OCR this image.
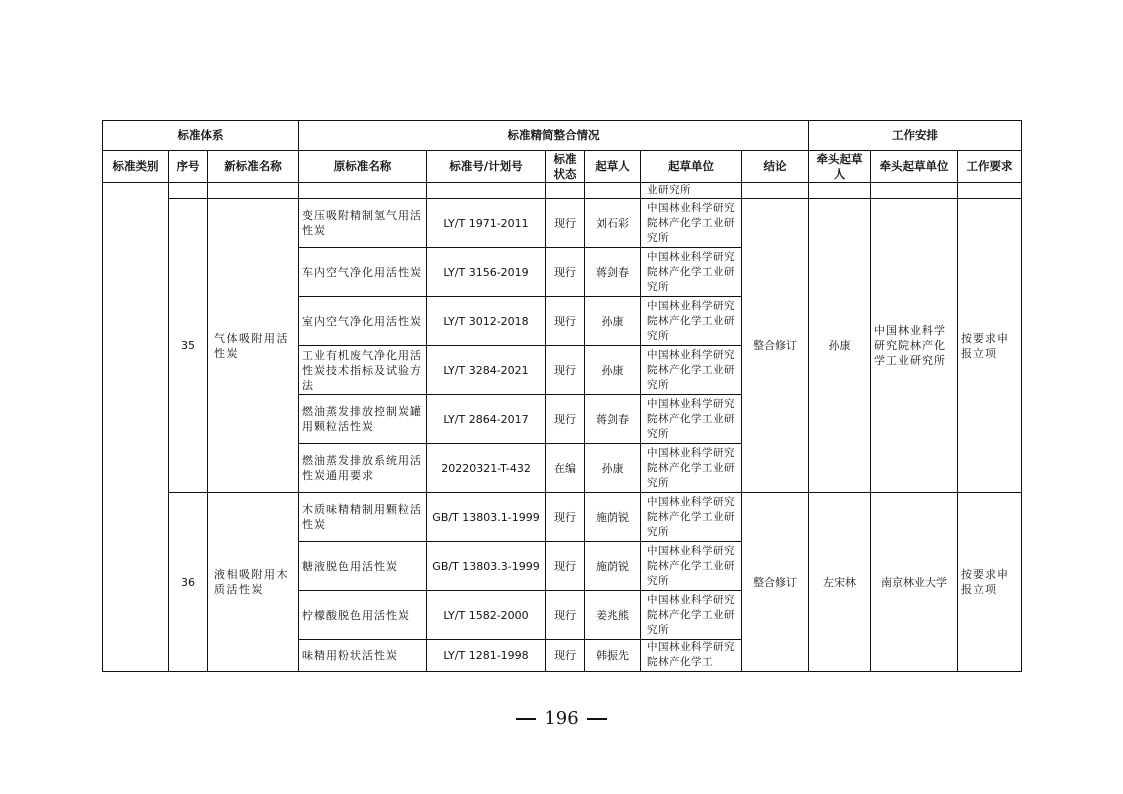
标准体系			标准精简整合情况						工作安排		
标准类别	序号	新标准名称	原标准名称	标准号/计划号	标准状态	起草人	起草单位	结论	牵头起草人	牵头起草单位	工作要求
							业研究所				
	35	气体吸附用活性炭	变压吸附精制氢气用活性炭	LY/T 1971-2011	现行	刘石彩	中国林业科学研究院林产化学工业研究所	整合修订	孙康	中国林业科学研究院林产化学工业研究所	按要求申报立项
			车内空气净化用活性炭	LY/T 3156-2019	现行	蒋剑春	中国林业科学研究院林产化学工业研究所				
			室内空气净化用活性炭	LY/T 3012-2018	现行	孙康	中国林业科学研究院林产化学工业研究所				
			工业有机废气净化用活性炭技术指标及试验方法	LY/T 3284-2021	现行	孙康	中国林业科学研究院林产化学工业研究所				
			燃油蒸发排放控制炭罐用颗粒活性炭	LY/T 2864-2017	现行	蒋剑春	中国林业科学研究院林产化学工业研究所				
			燃油蒸发排放系统用活性炭通用要求	20220321-T-432	在编	孙康	中国林业科学研究院林产化学工业研究所				
	36	液相吸附用木质活性炭	木质味精精制用颗粒活性炭	GB/T 13803.1-1999	现行	施荫锐	中国林业科学研究院林产化学工业研究所	整合修订	左宋林	南京林业大学	按要求申报立项
			糖液脱色用活性炭	GB/T 13803.3-1999	现行	施荫锐	中国林业科学研究院林产化学工业研究所				
			柠檬酸脱色用活性炭	LY/T 1582-2000	现行	姜兆熊	中国林业科学研究院林产化学工业研究所				
			味精用粉状活性炭	LY/T 1281-1998	现行	韩振先	中国林业科学研究院林产化学工				
196
